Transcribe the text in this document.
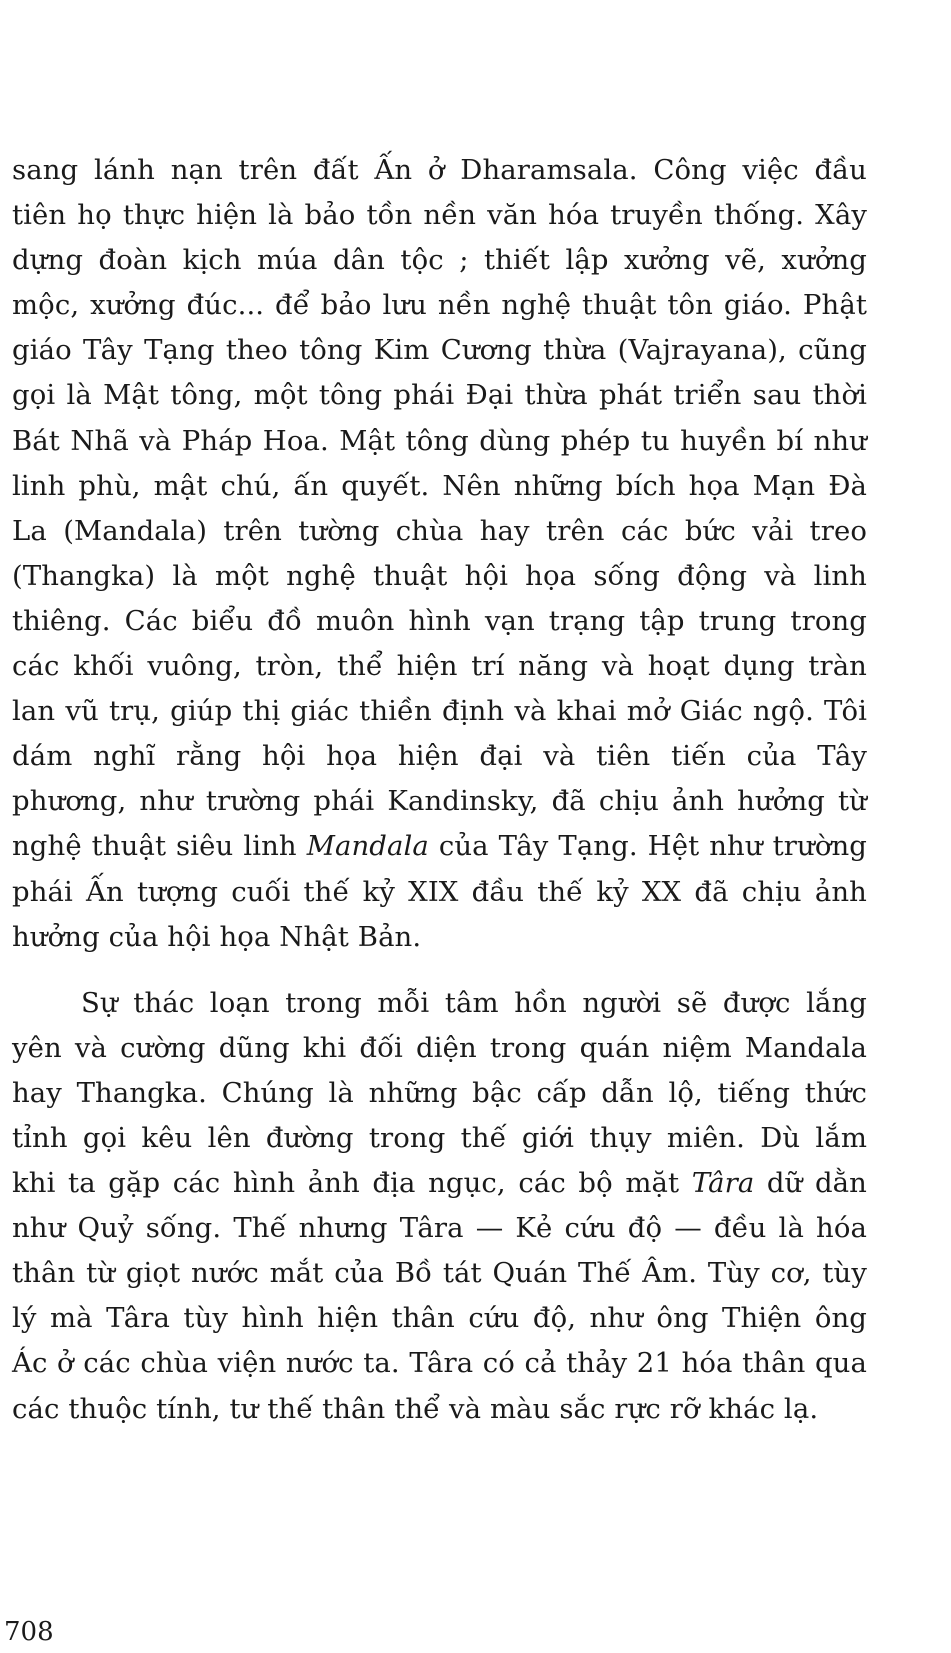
sang lánh nạn trên đất Ấn ở Dharamsala. Công việc đầu
tiên họ thực hiện là bảo tồn nền văn hóa truyền thống. Xây
dựng đoàn kịch múa dân tộc ; thiết lập xưởng vẽ, xưởng
mộc, xưởng đúc... để bảo lưu nền nghệ thuật tôn giáo. Phật
giáo Tây Tạng theo tông Kim Cương thừa (Vajrayana), cũng
gọi là Mật tông, một tông phái Đại thừa phát triển sau thời
Bát Nhã và Pháp Hoa. Mật tông dùng phép tu huyền bí như
linh phù, mật chú, ấn quyết. Nên những bích họa Mạn Đà
La (Mandala) trên tường chùa hay trên các bức vải treo
(Thangka) là một nghệ thuật hội họa sống động và linh
thiêng. Các biểu đồ muôn hình vạn trạng tập trung trong
các khối vuông, tròn, thể hiện trí năng và hoạt dụng tràn
lan vũ trụ, giúp thị giác thiền định và khai mở Giác ngộ. Tôi
dám nghĩ rằng hội họa hiện đại và tiên tiến của Tây
phương, như trường phái Kandinsky, đã chịu ảnh hưởng từ
nghệ thuật siêu linh Mandala của Tây Tạng. Hệt như trường
phái Ấn tượng cuối thế kỷ XIX đầu thế kỷ XX đã chịu ảnh
hưởng của hội họa Nhật Bản.
Sự thác loạn trong mỗi tâm hồn người sẽ được lắng
yên và cường dũng khi đối diện trong quán niệm Mandala
hay Thangka. Chúng là những bậc cấp dẫn lộ, tiếng thức
tỉnh gọi kêu lên đường trong thế giới thụy miên. Dù lắm
khi ta gặp các hình ảnh địa ngục, các bộ mặt Târa dữ dằn
như Quỷ sống. Thế nhưng Târa — Kẻ cứu độ — đều là hóa
thân từ giọt nước mắt của Bồ tát Quán Thế Âm. Tùy cơ, tùy
lý mà Târa tùy hình hiện thân cứu độ, như ông Thiện ông
Ác ở các chùa viện nước ta. Târa có cả thảy 21 hóa thân qua
các thuộc tính, tư thế thân thể và màu sắc rực rỡ khác lạ.
708
